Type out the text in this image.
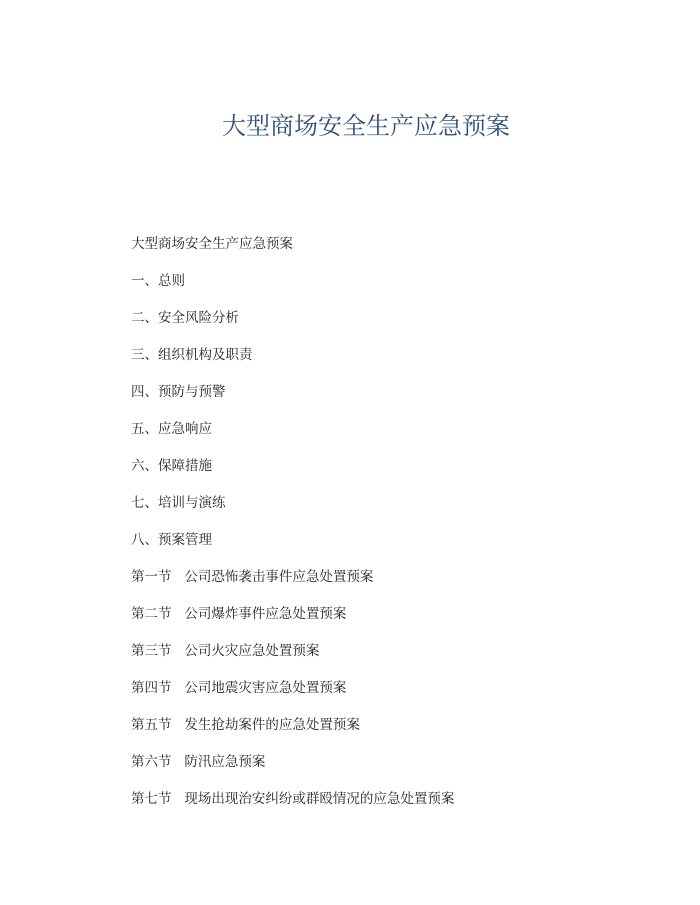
大型商场安全生产应急预案
大型商场安全生产应急预案
一、总则
二、安全风险分析
三、组织机构及职责
四、预防与预警
五、应急响应
六、保障措施
七、培训与演练
八、预案管理
第一节   公司恐怖袭击事件应急处置预案
第二节   公司爆炸事件应急处置预案
第三节   公司火灾应急处置预案
第四节   公司地震灾害应急处置预案
第五节   发生抢劫案件的应急处置预案
第六节   防汛应急预案
第七节   现场出现治安纠纷或群殴情况的应急处置预案
